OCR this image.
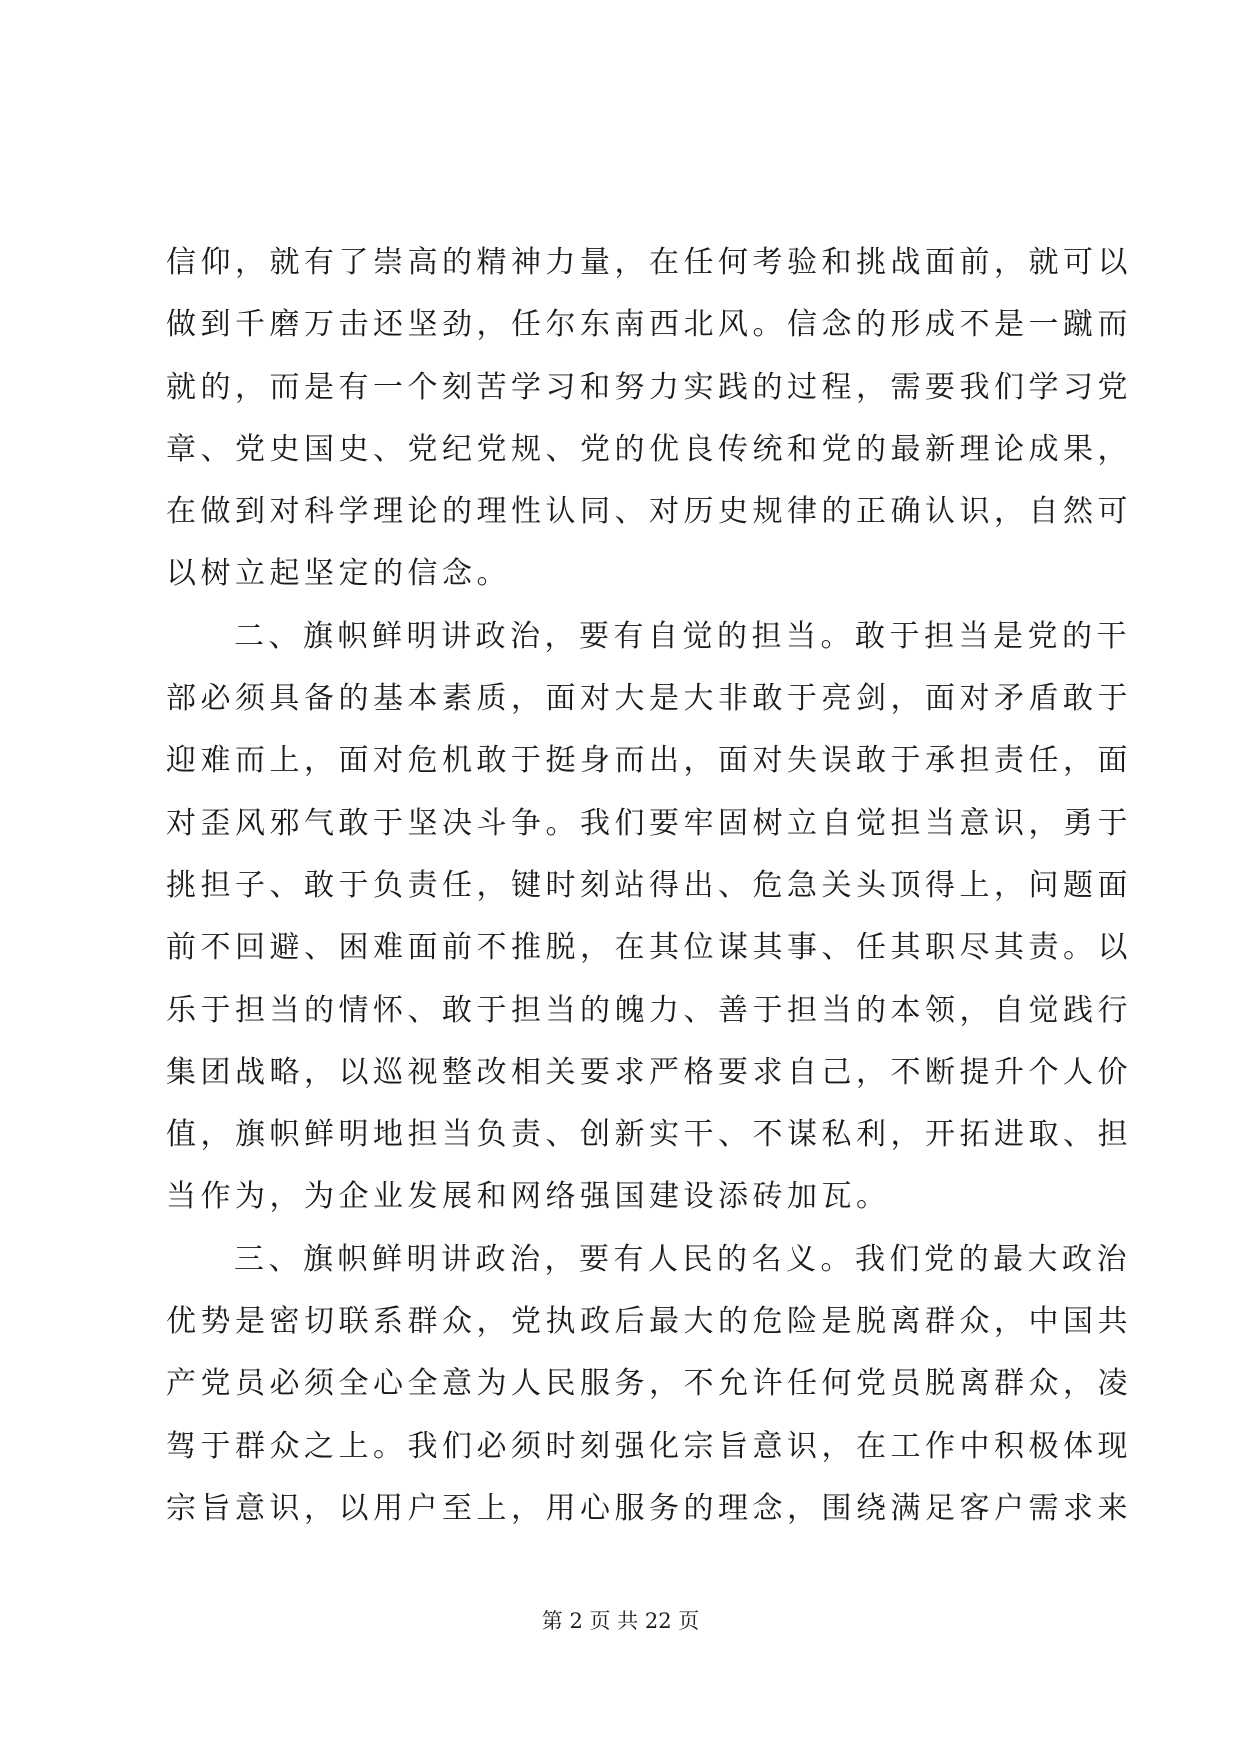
信仰，就有了崇高的精神力量，在任何考验和挑战面前，就可以
做到千磨万击还坚劲，任尔东南西北风。信念的形成不是一蹴而
就的，而是有一个刻苦学习和努力实践的过程，需要我们学习党
章、党史国史、党纪党规、党的优良传统和党的最新理论成果，
在做到对科学理论的理性认同、对历史规律的正确认识，自然可
以树立起坚定的信念。
二、旗帜鲜明讲政治，要有自觉的担当。敢于担当是党的干
部必须具备的基本素质，面对大是大非敢于亮剑，面对矛盾敢于
迎难而上，面对危机敢于挺身而出，面对失误敢于承担责任，面
对歪风邪气敢于坚决斗争。我们要牢固树立自觉担当意识，勇于
挑担子、敢于负责任，键时刻站得出、危急关头顶得上，问题面
前不回避、困难面前不推脱，在其位谋其事、任其职尽其责。以
乐于担当的情怀、敢于担当的魄力、善于担当的本领，自觉践行
集团战略，以巡视整改相关要求严格要求自己，不断提升个人价
值，旗帜鲜明地担当负责、创新实干、不谋私利，开拓进取、担
当作为，为企业发展和网络强国建设添砖加瓦。
三、旗帜鲜明讲政治，要有人民的名义。我们党的最大政治
优势是密切联系群众，党执政后最大的危险是脱离群众，中国共
产党员必须全心全意为人民服务，不允许任何党员脱离群众，凌
驾于群众之上。我们必须时刻强化宗旨意识，在工作中积极体现
宗旨意识，以用户至上，用心服务的理念，围绕满足客户需求来
第 2 页 共 22 页
